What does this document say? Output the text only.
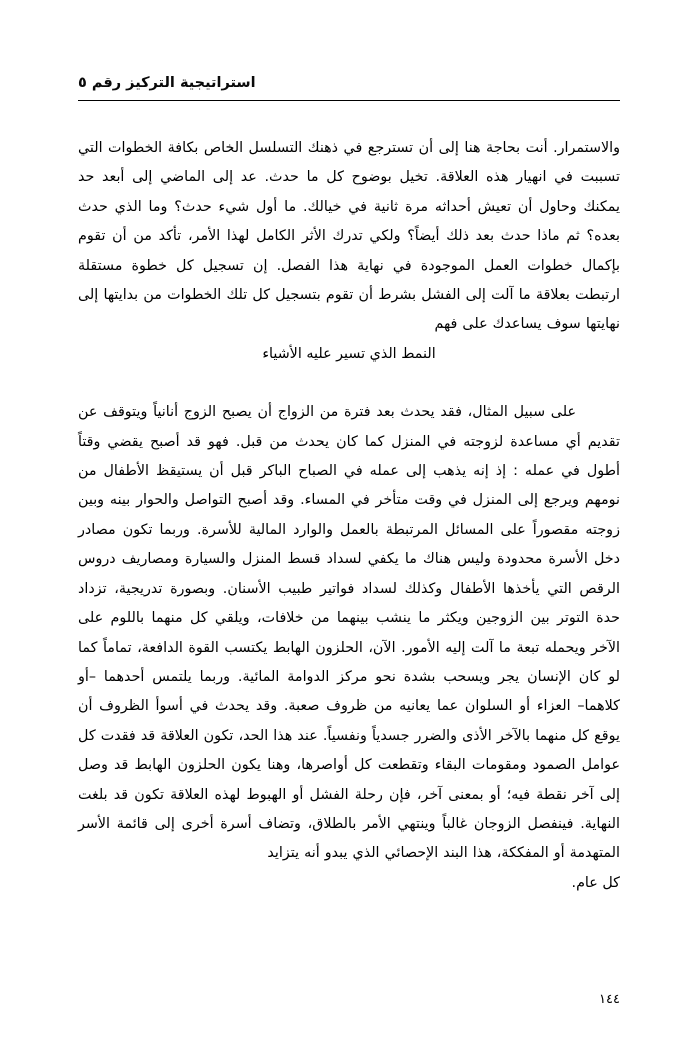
استراتيجية التركيز رقم ٥

والاستمرار. أنت بحاجة هنا إلى أن تسترجع في ذهنك التسلسل الخاص بكافة الخطوات التي تسببت في انهيار هذه العلاقة. تخيل بوضوح كل ما حدث. عد إلى الماضي إلى أبعد حد يمكنك وحاول أن تعيش أحداثه مرة ثانية في خيالك. ما أول شيء حدث؟ وما الذي حدث بعده؟ ثم ماذا حدث بعد ذلك أيضاً؟ ولكي تدرك الأثر الكامل لهذا الأمر، تأكد من أن تقوم بإكمال خطوات العمل الموجودة في نهاية هذا الفصل. إن تسجيل كل خطوة مستقلة ارتبطت بعلاقة ما آلت إلى الفشل بشرط أن تقوم بتسجيل كل تلك الخطوات من بدايتها إلى نهايتها سوف يساعدك على فهم

النمط الذي تسير عليه الأشياء

على سبيل المثال، فقد يحدث بعد فترة من الزواج أن يصبح الزوج أنانياً ويتوقف عن تقديم أي مساعدة لزوجته في المنزل كما كان يحدث من قبل. فهو قد أصبح يقضي وقتاً أطول في عمله : إذ إنه يذهب إلى عمله في الصباح الباكر قبل أن يستيقظ الأطفال من نومهم ويرجع إلى المنزل في وقت متأخر في المساء. وقد أصبح التواصل والحوار بينه وبين زوجته مقصوراً على المسائل المرتبطة بالعمل والوارد المالية للأسرة. وربما تكون مصادر دخل الأسرة محدودة وليس هناك ما يكفي لسداد قسط المنزل والسيارة ومصاريف دروس الرقص التي يأخذها الأطفال وكذلك لسداد فواتير طبيب الأسنان. وبصورة تدريجية، تزداد حدة التوتر بين الزوجين ويكثر ما ينشب بينهما من خلافات، ويلقي كل منهما باللوم على الآخر ويحمله تبعة ما آلت إليه الأمور. الآن، الحلزون الهابط يكتسب القوة الدافعة، تماماً كما لو كان الإنسان يجر ويسحب بشدة نحو مركز الدوامة المائية. وربما يلتمس أحدهما –أو كلاهما– العزاء أو السلوان عما يعانيه من ظروف صعبة. وقد يحدث في أسوأ الظروف أن يوقع كل منهما بالآخر الأذى والضرر جسدياً ونفسياً. عند هذا الحد، تكون العلاقة قد فقدت كل عوامل الصمود ومقومات البقاء وتقطعت كل أواصرها، وهنا يكون الحلزون الهابط قد وصل إلى آخر نقطة فيه؛ أو بمعنى آخر، فإن رحلة الفشل أو الهبوط لهذه العلاقة تكون قد بلغت النهاية. فينفصل الزوجان غالباً وينتهي الأمر بالطلاق، وتضاف أسرة أخرى إلى قائمة الأسر المتهدمة أو المفككة، هذا البند الإحصائي الذي يبدو أنه يتزايد

كل عام.

١٤٤
